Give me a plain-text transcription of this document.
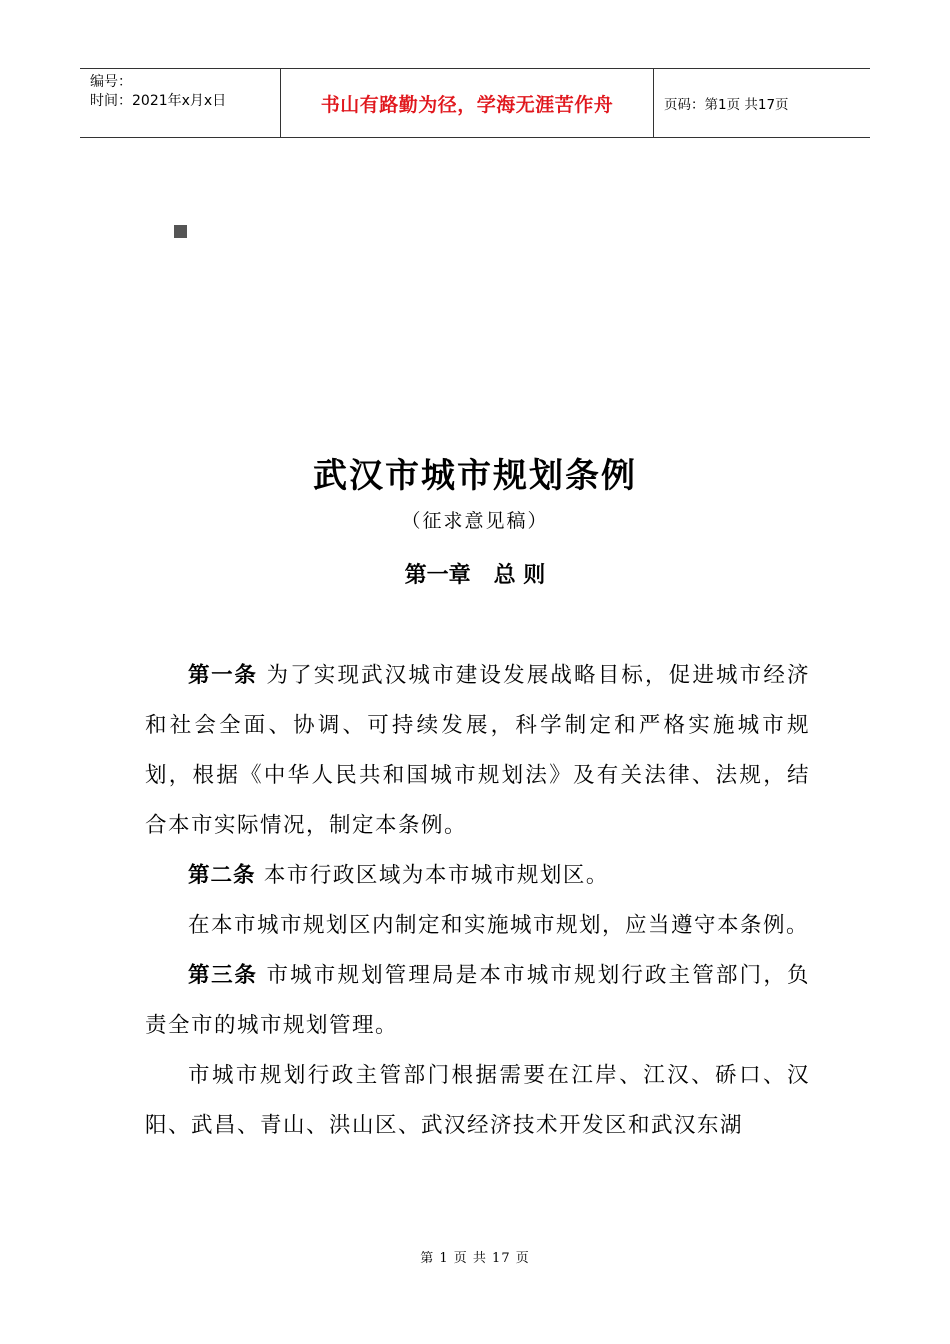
编号：
时间：2021年x月x日	书山有路勤为径，学海无涯苦作舟	页码：第1页 共17页
武汉市城市规划条例
（征求意见稿）
第一章   总 则

第一条 为了实现武汉城市建设发展战略目标，促进城市经济和社会全面、协调、可持续发展，科学制定和严格实施城市规划，根据《中华人民共和国城市规划法》及有关法律、法规，结合本市实际情况，制定本条例。

第二条 本市行政区域为本市城市规划区。

在本市城市规划区内制定和实施城市规划，应当遵守本条例。

第三条 市城市规划管理局是本市城市规划行政主管部门，负责全市的城市规划管理。

市城市规划行政主管部门根据需要在江岸、江汉、硚口、汉阳、武昌、青山、洪山区、武汉经济技术开发区和武汉东湖

第 1 页 共 17 页
